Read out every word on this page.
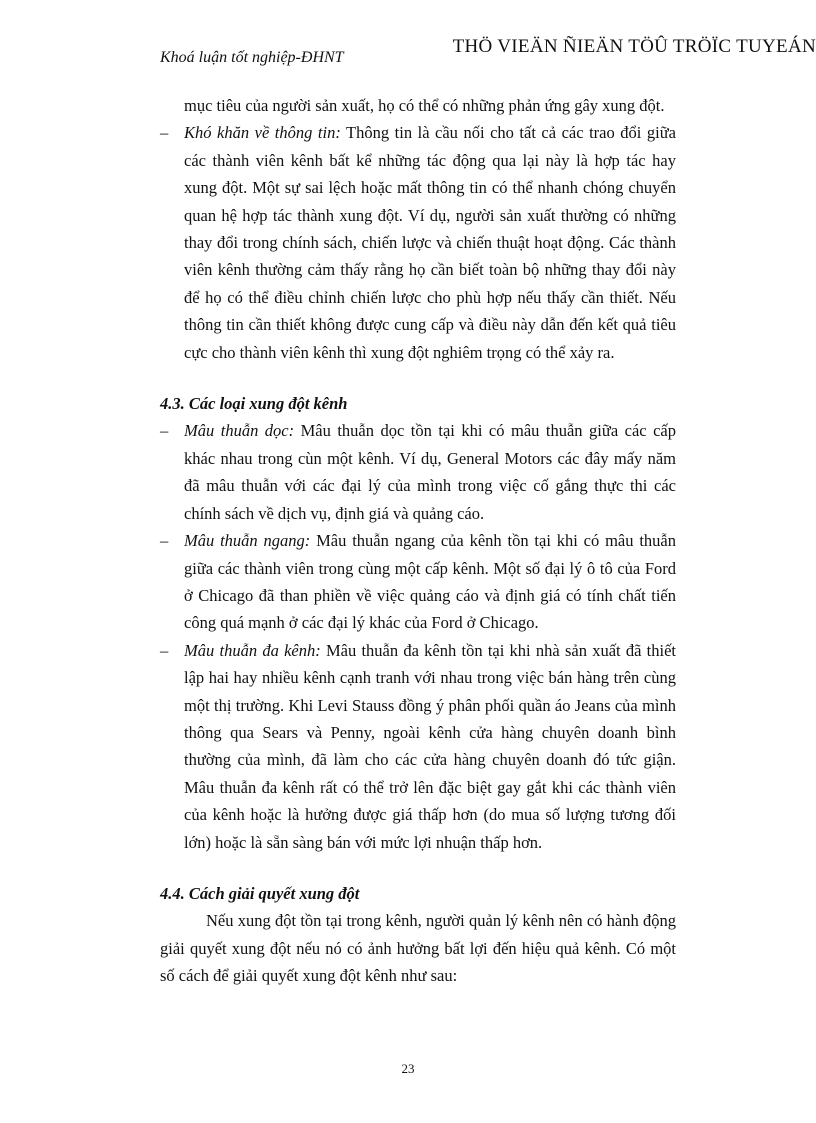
THÖ VIEÄN ÑIEÄN TÖÛ TRÖÏC TUYEÁN
Khoá luận tốt nghiệp-ĐHNT

mục tiêu của người sản xuất, họ có thể có những phản ứng gây xung đột.

– Khó khăn về thông tin: Thông tin là cầu nối cho tất cả các trao đổi giữa các thành viên kênh bất kể những tác động qua lại này là hợp tác hay xung đột. Một sự sai lệch hoặc mất thông tin có thể nhanh chóng chuyển quan hệ hợp tác thành xung đột. Ví dụ, người sản xuất thường có những thay đổi trong chính sách, chiến lược và chiến thuật hoạt động. Các thành viên kênh thường cảm thấy rằng họ cần biết toàn bộ những thay đổi này để họ có thể điều chỉnh chiến lược cho phù hợp nếu thấy cần thiết. Nếu thông tin cần thiết không được cung cấp và điều này dẫn đến kết quả tiêu cực cho thành viên kênh thì xung đột nghiêm trọng có thể xảy ra.

4.3. Các loại xung đột kênh

– Mâu thuẫn dọc: Mâu thuẫn dọc tồn tại khi có mâu thuẫn giữa các cấp khác nhau trong cùn một kênh. Ví dụ, General Motors các đây mấy năm đã mâu thuẫn với các đại lý của mình trong việc cố gắng thực thi các chính sách về dịch vụ, định giá và quảng cáo.

– Mâu thuẫn ngang: Mâu thuẫn ngang của kênh tồn tại khi có mâu thuẫn giữa các thành viên trong cùng một cấp kênh. Một số đại lý ô tô của Ford ở Chicago đã than phiền về việc quảng cáo và định giá có tính chất tiến công quá mạnh ở các đại lý khác của Ford ở Chicago.

– Mâu thuẫn đa kênh: Mâu thuẫn đa kênh tồn tại khi nhà sản xuất đã thiết lập hai hay nhiều kênh cạnh tranh với nhau trong việc bán hàng trên cùng một thị trường. Khi Levi Stauss đồng ý phân phối quần áo Jeans của mình thông qua Sears và Penny, ngoài kênh cửa hàng chuyên doanh bình thường của mình, đã làm cho các cửa hàng chuyên doanh đó tức giận. Mâu thuẫn đa kênh rất có thể trở lên đặc biệt gay gắt khi các thành viên của kênh hoặc là hưởng được giá thấp hơn (do mua số lượng tương đối lớn) hoặc là sẵn sàng bán với mức lợi nhuận thấp hơn.

4.4. Cách giải quyết xung đột

Nếu xung đột tồn tại trong kênh, người quản lý kênh nên có hành động giải quyết xung đột nếu nó có ảnh hưởng bất lợi đến hiệu quả kênh. Có một số cách để giải quyết xung đột kênh như sau:

23
